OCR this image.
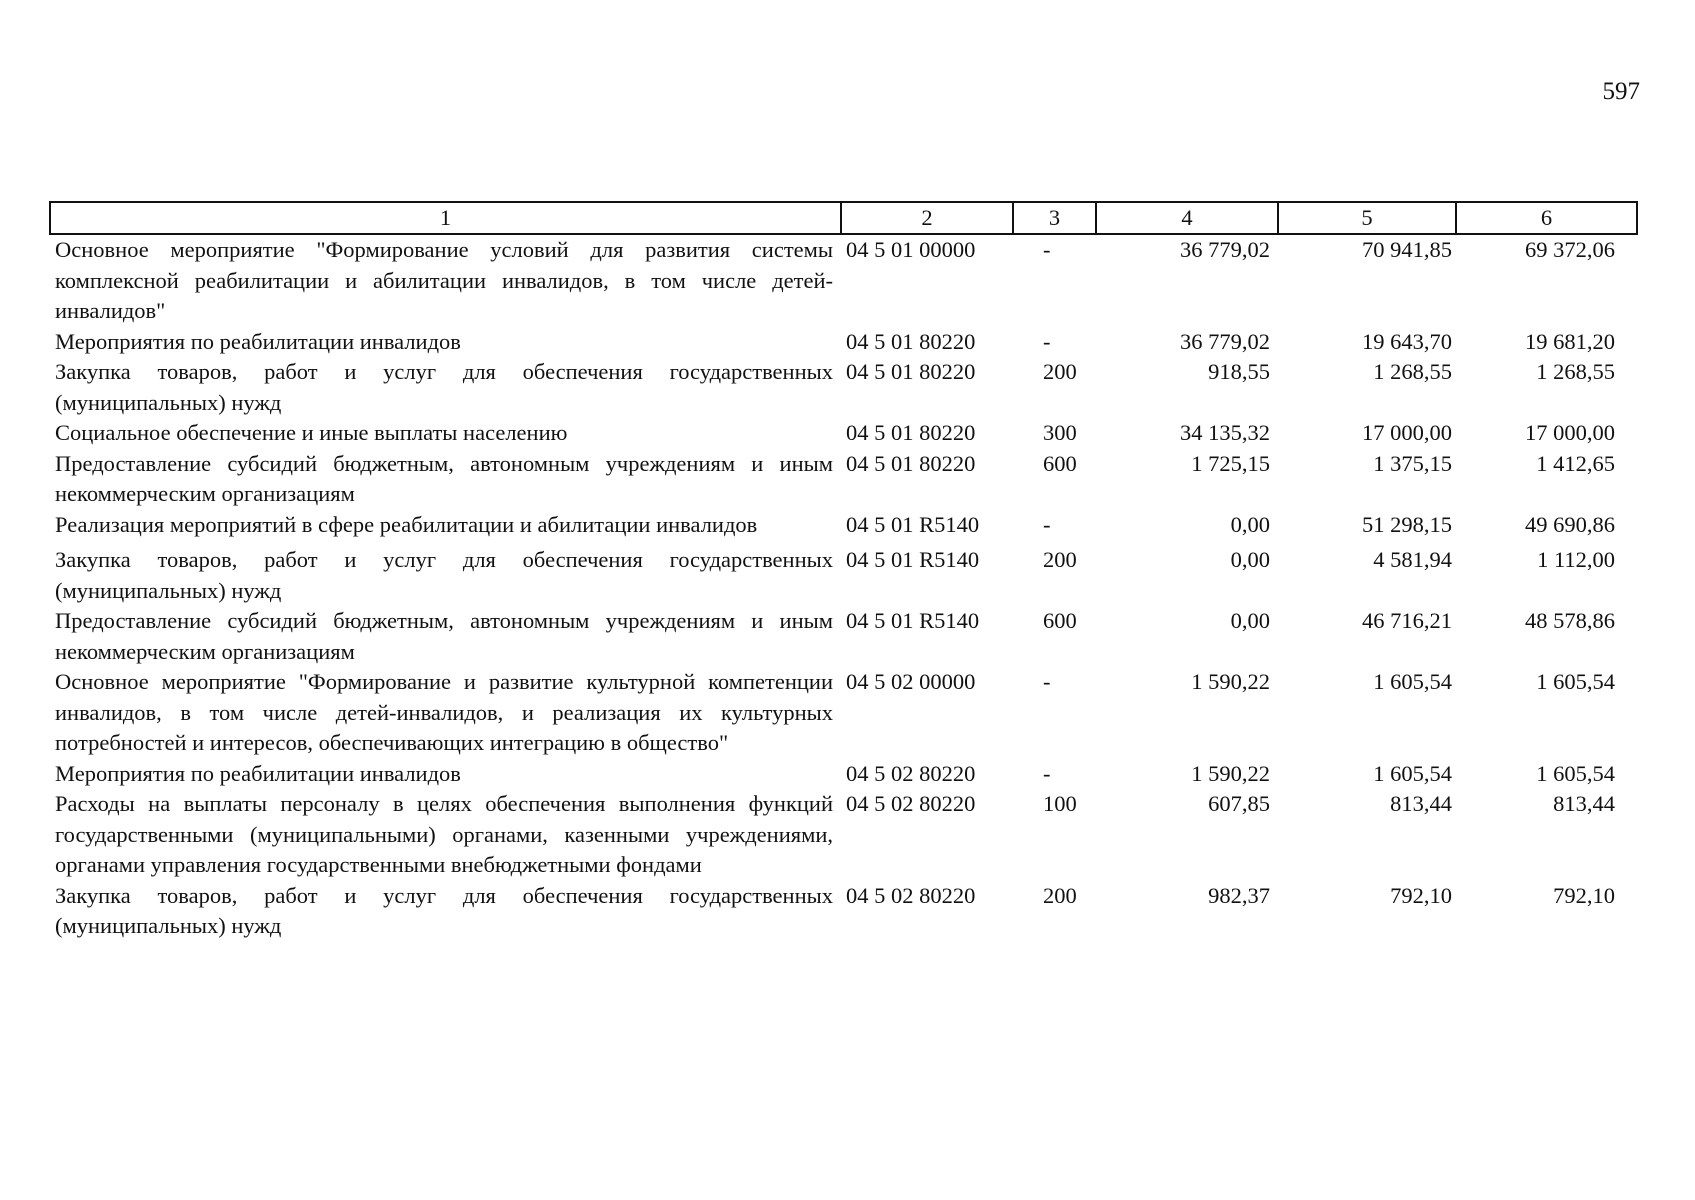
597
1	2	3	4	5	6
Основное мероприятие "Формирование условий для развития системы комплексной реабилитации и абилитации инвалидов, в том числе детей-инвалидов"	04 5 01 00000	-	36 779,02	70 941,85	69 372,06
Мероприятия по реабилитации инвалидов	04 5 01 80220	-	36 779,02	19 643,70	19 681,20
Закупка товаров, работ и услуг для обеспечения государственных (муниципальных) нужд	04 5 01 80220	200	918,55	1 268,55	1 268,55
Социальное обеспечение и иные выплаты населению	04 5 01 80220	300	34 135,32	17 000,00	17 000,00
Предоставление субсидий бюджетным, автономным учреждениям и иным некоммерческим организациям	04 5 01 80220	600	1 725,15	1 375,15	1 412,65
Реализация мероприятий в сфере реабилитации и абилитации инвалидов	04 5 01 R5140	-	0,00	51 298,15	49 690,86
Закупка товаров, работ и услуг для обеспечения государственных (муниципальных) нужд	04 5 01 R5140	200	0,00	4 581,94	1 112,00
Предоставление субсидий бюджетным, автономным учреждениям и иным некоммерческим организациям	04 5 01 R5140	600	0,00	46 716,21	48 578,86
Основное мероприятие "Формирование и развитие культурной компетенции инвалидов, в том числе детей-инвалидов, и реализация их культурных потребностей и интересов, обеспечивающих интеграцию в общество"	04 5 02 00000	-	1 590,22	1 605,54	1 605,54
Мероприятия по реабилитации инвалидов	04 5 02 80220	-	1 590,22	1 605,54	1 605,54
Расходы на выплаты персоналу в целях обеспечения выполнения функций государственными (муниципальными) органами, казенными учреждениями, органами управления государственными внебюджетными фондами	04 5 02 80220	100	607,85	813,44	813,44
Закупка товаров, работ и услуг для обеспечения государственных (муниципальных) нужд	04 5 02 80220	200	982,37	792,10	792,10
